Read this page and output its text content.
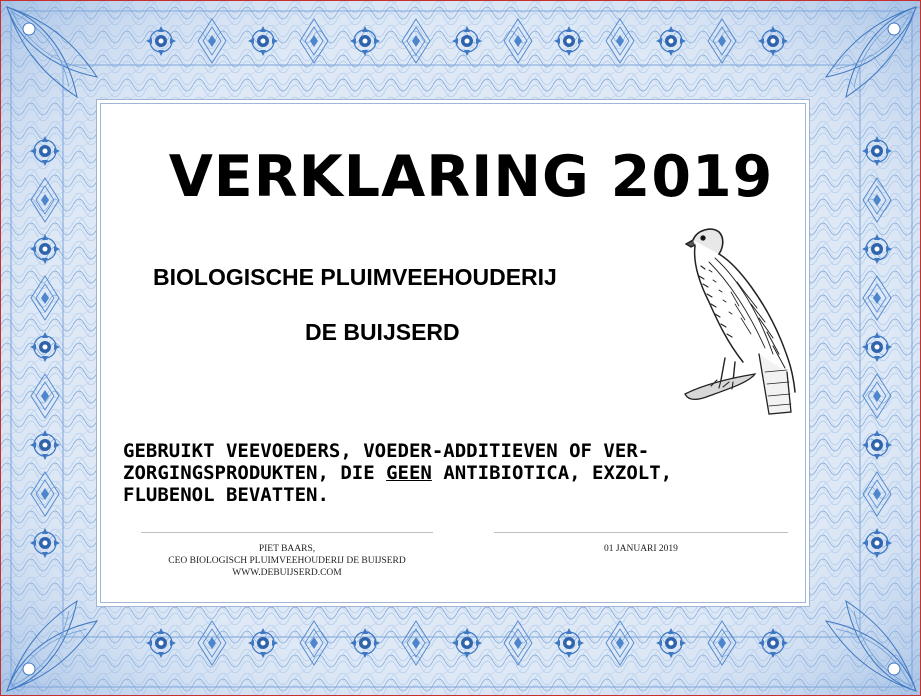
VERKLARING 2019
BIOLOGISCHE PLUIMVEEHOUDERIJ
DE BUIJSERD

GEBRUIKT VEEVOEDERS, VOEDER-ADDITIEVEN OF VER-
ZORGINGSPRODUKTEN, DIE GEEN ANTIBIOTICA, EXZOLT,
FLUBENOL BEVATTEN.

PIET BAARS,
CEO BIOLOGISCH PLUIMVEEHOUDERIJ DE BUIJSERD
WWW.DEBUIJSERD.COM
01 JANUARI 2019
